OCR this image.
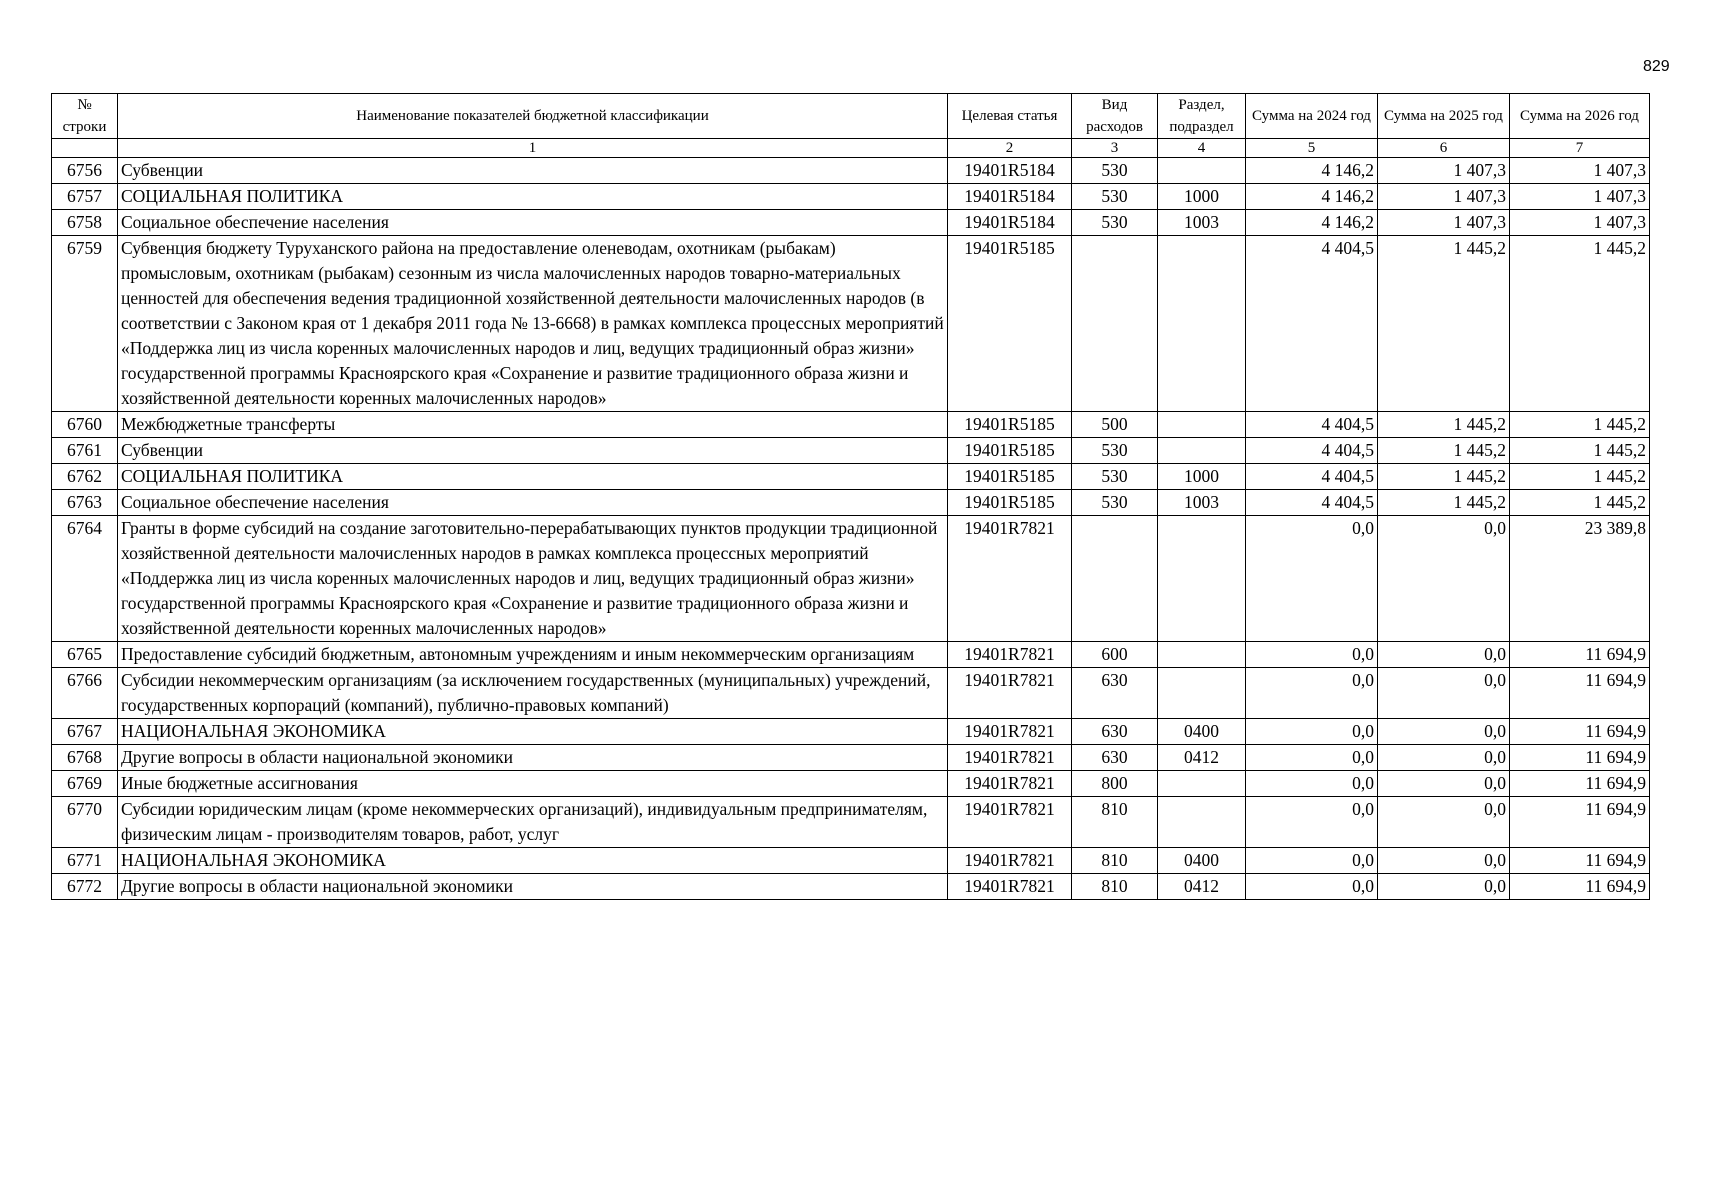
829
№ строки	Наименование показателей бюджетной классификации	Целевая статья	Вид расходов	Раздел, подраздел	Сумма на 2024 год	Сумма на 2025 год	Сумма на 2026 год
	1	2	3	4	5	6	7
6756	Субвенции	19401R5184	530		4 146,2	1 407,3	1 407,3
6757	СОЦИАЛЬНАЯ ПОЛИТИКА	19401R5184	530	1000	4 146,2	1 407,3	1 407,3
6758	Социальное обеспечение населения	19401R5184	530	1003	4 146,2	1 407,3	1 407,3
6759	Субвенция бюджету Туруханского района на предоставление оленеводам, охотникам (рыбакам) промысловым, охотникам (рыбакам) сезонным из числа малочисленных народов товарно-материальных ценностей для обеспечения ведения традиционной хозяйственной деятельности малочисленных народов (в соответствии с Законом края от 1 декабря 2011 года № 13-6668) в рамках комплекса процессных мероприятий «Поддержка лиц из числа коренных малочисленных народов и лиц, ведущих традиционный образ жизни» государственной программы Красноярского края «Сохранение и развитие традиционного образа жизни и хозяйственной деятельности коренных малочисленных народов»	19401R5185			4 404,5	1 445,2	1 445,2
6760	Межбюджетные трансферты	19401R5185	500		4 404,5	1 445,2	1 445,2
6761	Субвенции	19401R5185	530		4 404,5	1 445,2	1 445,2
6762	СОЦИАЛЬНАЯ ПОЛИТИКА	19401R5185	530	1000	4 404,5	1 445,2	1 445,2
6763	Социальное обеспечение населения	19401R5185	530	1003	4 404,5	1 445,2	1 445,2
6764	Гранты в форме субсидий на создание заготовительно-перерабатывающих пунктов продукции традиционной хозяйственной деятельности малочисленных народов в рамках комплекса процессных мероприятий «Поддержка лиц из числа коренных малочисленных народов и лиц, ведущих традиционный образ жизни» государственной программы Красноярского края «Сохранение и развитие традиционного образа жизни и хозяйственной деятельности коренных малочисленных народов»	19401R7821			0,0	0,0	23 389,8
6765	Предоставление субсидий бюджетным, автономным учреждениям и иным некоммерческим организациям	19401R7821	600		0,0	0,0	11 694,9
6766	Субсидии некоммерческим организациям (за исключением государственных (муниципальных) учреждений, государственных корпораций (компаний), публично-правовых компаний)	19401R7821	630		0,0	0,0	11 694,9
6767	НАЦИОНАЛЬНАЯ ЭКОНОМИКА	19401R7821	630	0400	0,0	0,0	11 694,9
6768	Другие вопросы в области национальной экономики	19401R7821	630	0412	0,0	0,0	11 694,9
6769	Иные бюджетные ассигнования	19401R7821	800		0,0	0,0	11 694,9
6770	Субсидии юридическим лицам (кроме некоммерческих организаций), индивидуальным предпринимателям, физическим лицам - производителям товаров, работ, услуг	19401R7821	810		0,0	0,0	11 694,9
6771	НАЦИОНАЛЬНАЯ ЭКОНОМИКА	19401R7821	810	0400	0,0	0,0	11 694,9
6772	Другие вопросы в области национальной экономики	19401R7821	810	0412	0,0	0,0	11 694,9
